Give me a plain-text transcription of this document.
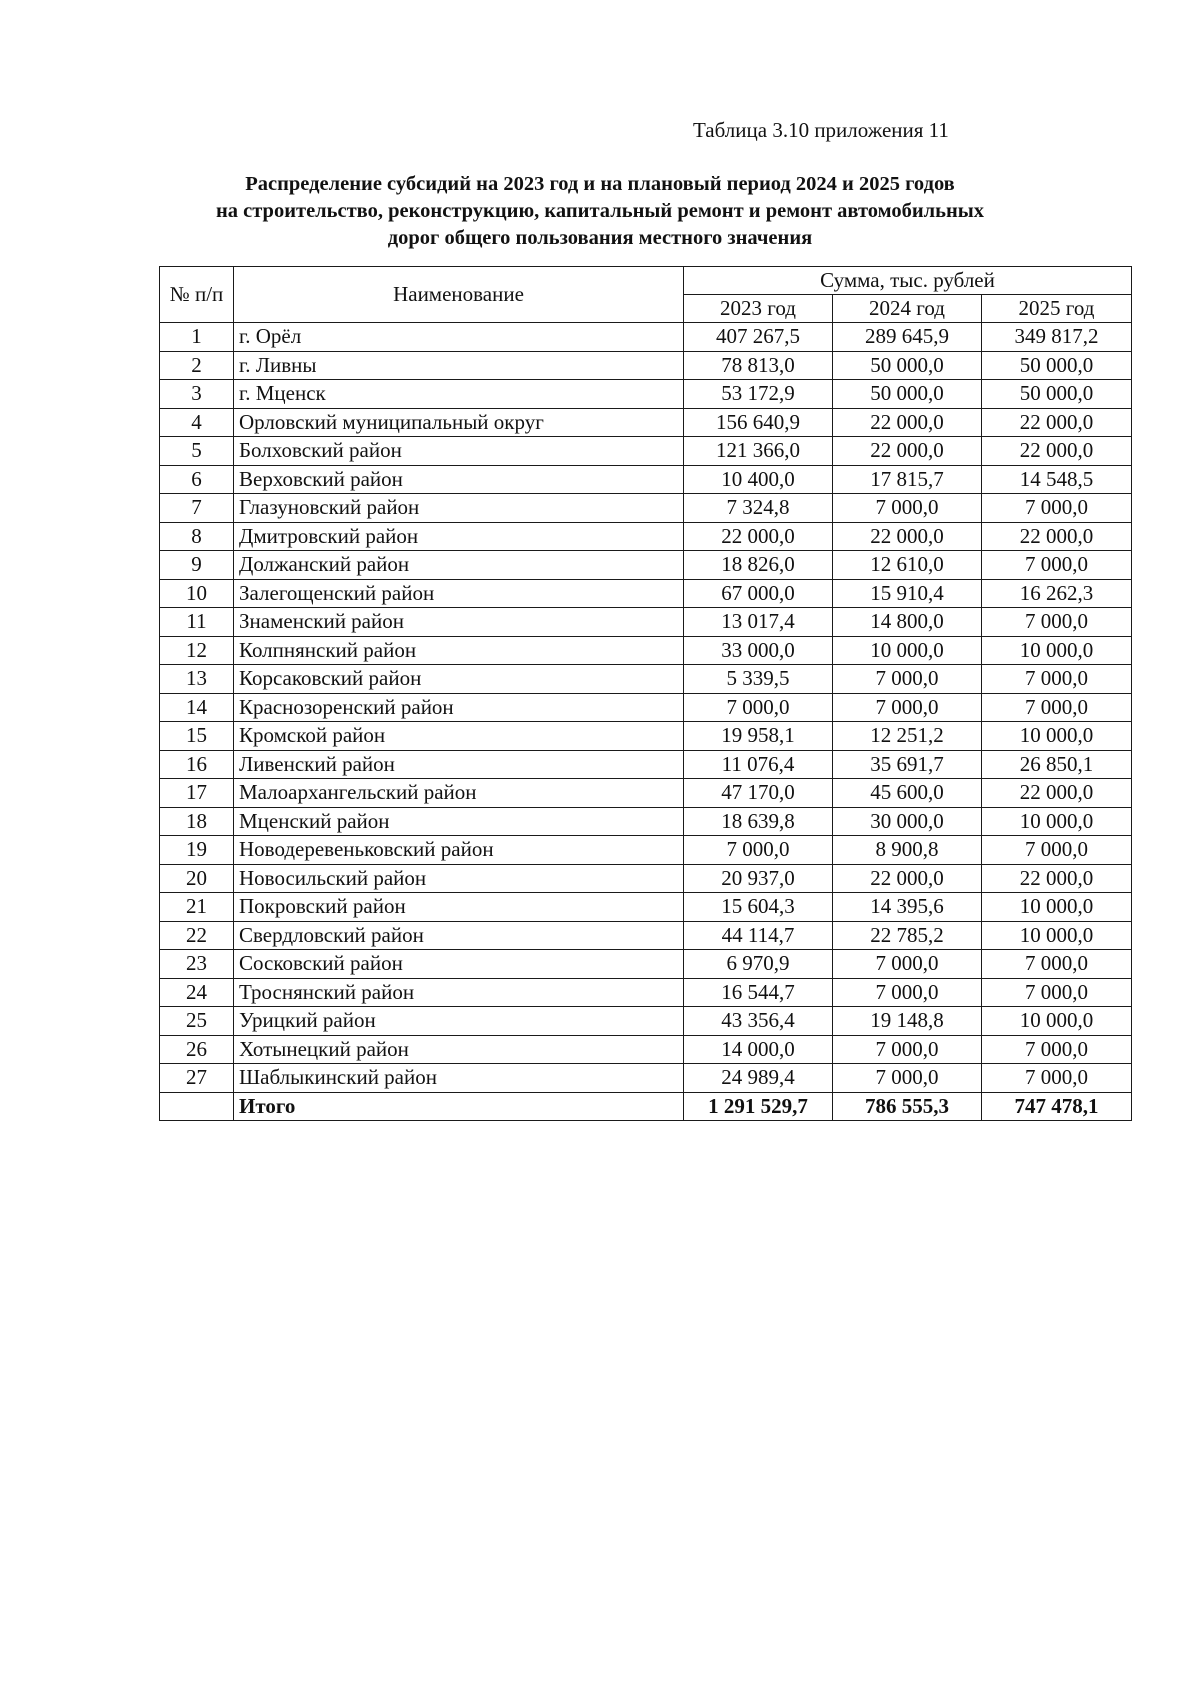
Таблица 3.10 приложения 11
Распределение субсидий на 2023 год и на плановый период 2024 и 2025 годов
на строительство, реконструкцию, капитальный ремонт и ремонт автомобильных
дорог общего пользования местного значения
№ п/п	Наименование	Сумма, тыс. рублей		
		2023 год	2024 год	2025 год
1	г. Орёл	407 267,5	289 645,9	349 817,2
2	г. Ливны	78 813,0	50 000,0	50 000,0
3	г. Мценск	53 172,9	50 000,0	50 000,0
4	Орловский муниципальный округ	156 640,9	22 000,0	22 000,0
5	Болховский район	121 366,0	22 000,0	22 000,0
6	Верховский район	10 400,0	17 815,7	14 548,5
7	Глазуновский район	7 324,8	7 000,0	7 000,0
8	Дмитровский район	22 000,0	22 000,0	22 000,0
9	Должанский район	18 826,0	12 610,0	7 000,0
10	Залегощенский район	67 000,0	15 910,4	16 262,3
11	Знаменский район	13 017,4	14 800,0	7 000,0
12	Колпнянский район	33 000,0	10 000,0	10 000,0
13	Корсаковский район	5 339,5	7 000,0	7 000,0
14	Краснозоренский район	7 000,0	7 000,0	7 000,0
15	Кромской район	19 958,1	12 251,2	10 000,0
16	Ливенский район	11 076,4	35 691,7	26 850,1
17	Малоархангельский район	47 170,0	45 600,0	22 000,0
18	Мценский район	18 639,8	30 000,0	10 000,0
19	Новодеревеньковский район	7 000,0	8 900,8	7 000,0
20	Новосильский район	20 937,0	22 000,0	22 000,0
21	Покровский район	15 604,3	14 395,6	10 000,0
22	Свердловский район	44 114,7	22 785,2	10 000,0
23	Сосковский район	6 970,9	7 000,0	7 000,0
24	Троснянский район	16 544,7	7 000,0	7 000,0
25	Урицкий район	43 356,4	19 148,8	10 000,0
26	Хотынецкий район	14 000,0	7 000,0	7 000,0
27	Шаблыкинский район	24 989,4	7 000,0	7 000,0
	Итого	1 291 529,7	786 555,3	747 478,1
